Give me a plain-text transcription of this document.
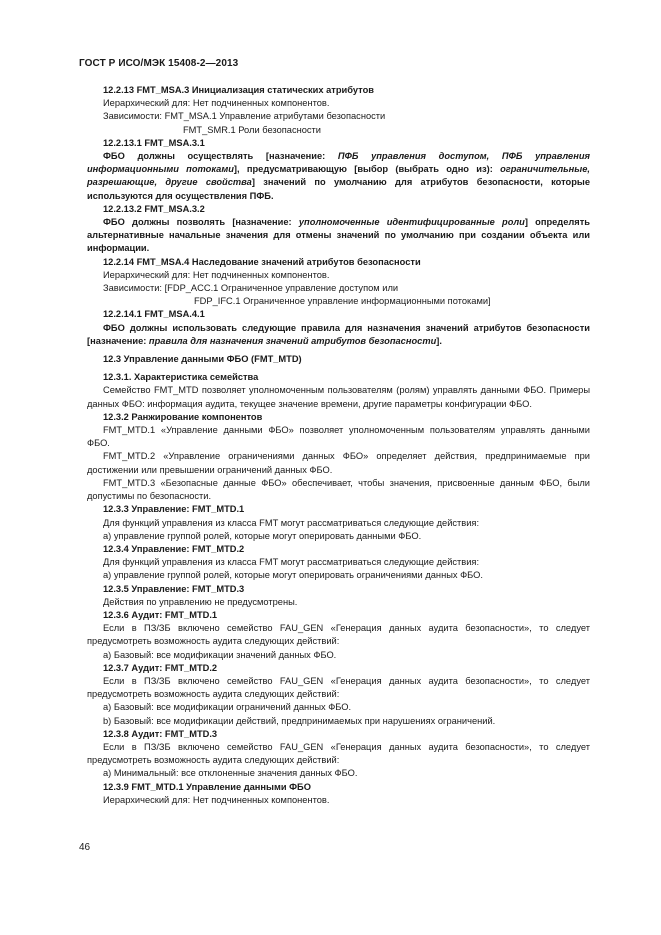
ГОСТ Р ИСО/МЭК 15408-2—2013

12.2.13 FMT_MSA.3 Инициализация статических атрибутов

Иерархический для: Нет подчиненных компонентов.

Зависимости: FMT_MSA.1 Управление атрибутами безопасности

FMT_SMR.1 Роли безопасности

12.2.13.1 FMT_MSA.3.1

ФБО должны осуществлять [назначение: ПФБ управления доступом, ПФБ управления информационными потоками], предусматривающую [выбор (выбрать одно из): ограничительные, разрешающие, другие свойства] значений по умолчанию для атрибутов безопасности, которые используются для осуществления ПФБ.

12.2.13.2 FMT_MSA.3.2

ФБО должны позволять [назначение: уполномоченные идентифицированные роли] определять альтернативные начальные значения для отмены значений по умолчанию при создании объекта или информации.

12.2.14 FMT_MSA.4 Наследование значений атрибутов безопасности

Иерархический для: Нет подчиненных компонентов.

Зависимости: [FDP_ACC.1 Ограниченное управление доступом или

FDP_IFC.1 Ограниченное управление информационными потоками]

12.2.14.1 FMT_MSA.4.1

ФБО должны использовать следующие правила для назначения значений атрибутов безопасности [назначение: правила для назначения значений атрибутов безопасности].

12.3 Управление данными ФБО (FMT_MTD)

12.3.1. Характеристика семейства

Семейство FMT_MTD позволяет уполномоченным пользователям (ролям) управлять данными ФБО. Примеры данных ФБО: информация аудита, текущее значение времени, другие параметры конфигурации ФБО.

12.3.2 Ранжирование компонентов

FMT_MTD.1 «Управление данными ФБО» позволяет уполномоченным пользователям управлять данными ФБО.

FMT_MTD.2 «Управление ограничениями данных ФБО» определяет действия, предпринимаемые при достижении или превышении ограничений данных ФБО.

FMT_MTD.3 «Безопасные данные ФБО» обеспечивает, чтобы значения, присвоенные данным ФБО, были допустимы по безопасности.

12.3.3 Управление: FMT_MTD.1

Для функций управления из класса FMT могут рассматриваться следующие действия:

a) управление группой ролей, которые могут оперировать данными ФБО.

12.3.4 Управление: FMT_MTD.2

Для функций управления из класса FMT могут рассматриваться следующие действия:

a) управление группой ролей, которые могут оперировать ограничениями данных ФБО.

12.3.5 Управление: FMT_MTD.3

Действия по управлению не предусмотрены.

12.3.6 Аудит: FMT_MTD.1

Если в ПЗ/ЗБ включено семейство FAU_GEN «Генерация данных аудита безопасности», то следует предусмотреть возможность аудита следующих действий:

a) Базовый: все модификации значений данных ФБО.

12.3.7 Аудит: FMT_MTD.2

Если в ПЗ/ЗБ включено семейство FAU_GEN «Генерация данных аудита безопасности», то следует предусмотреть возможность аудита следующих действий:

a) Базовый: все модификации ограничений данных ФБО.

b) Базовый: все модификации действий, предпринимаемых при нарушениях ограничений.

12.3.8 Аудит: FMT_MTD.3

Если в ПЗ/ЗБ включено семейство FAU_GEN «Генерация данных аудита безопасности», то следует предусмотреть возможность аудита следующих действий:

a) Минимальный: все отклоненные значения данных ФБО.

12.3.9 FMT_MTD.1 Управление данными ФБО

Иерархический для: Нет подчиненных компонентов.

46
